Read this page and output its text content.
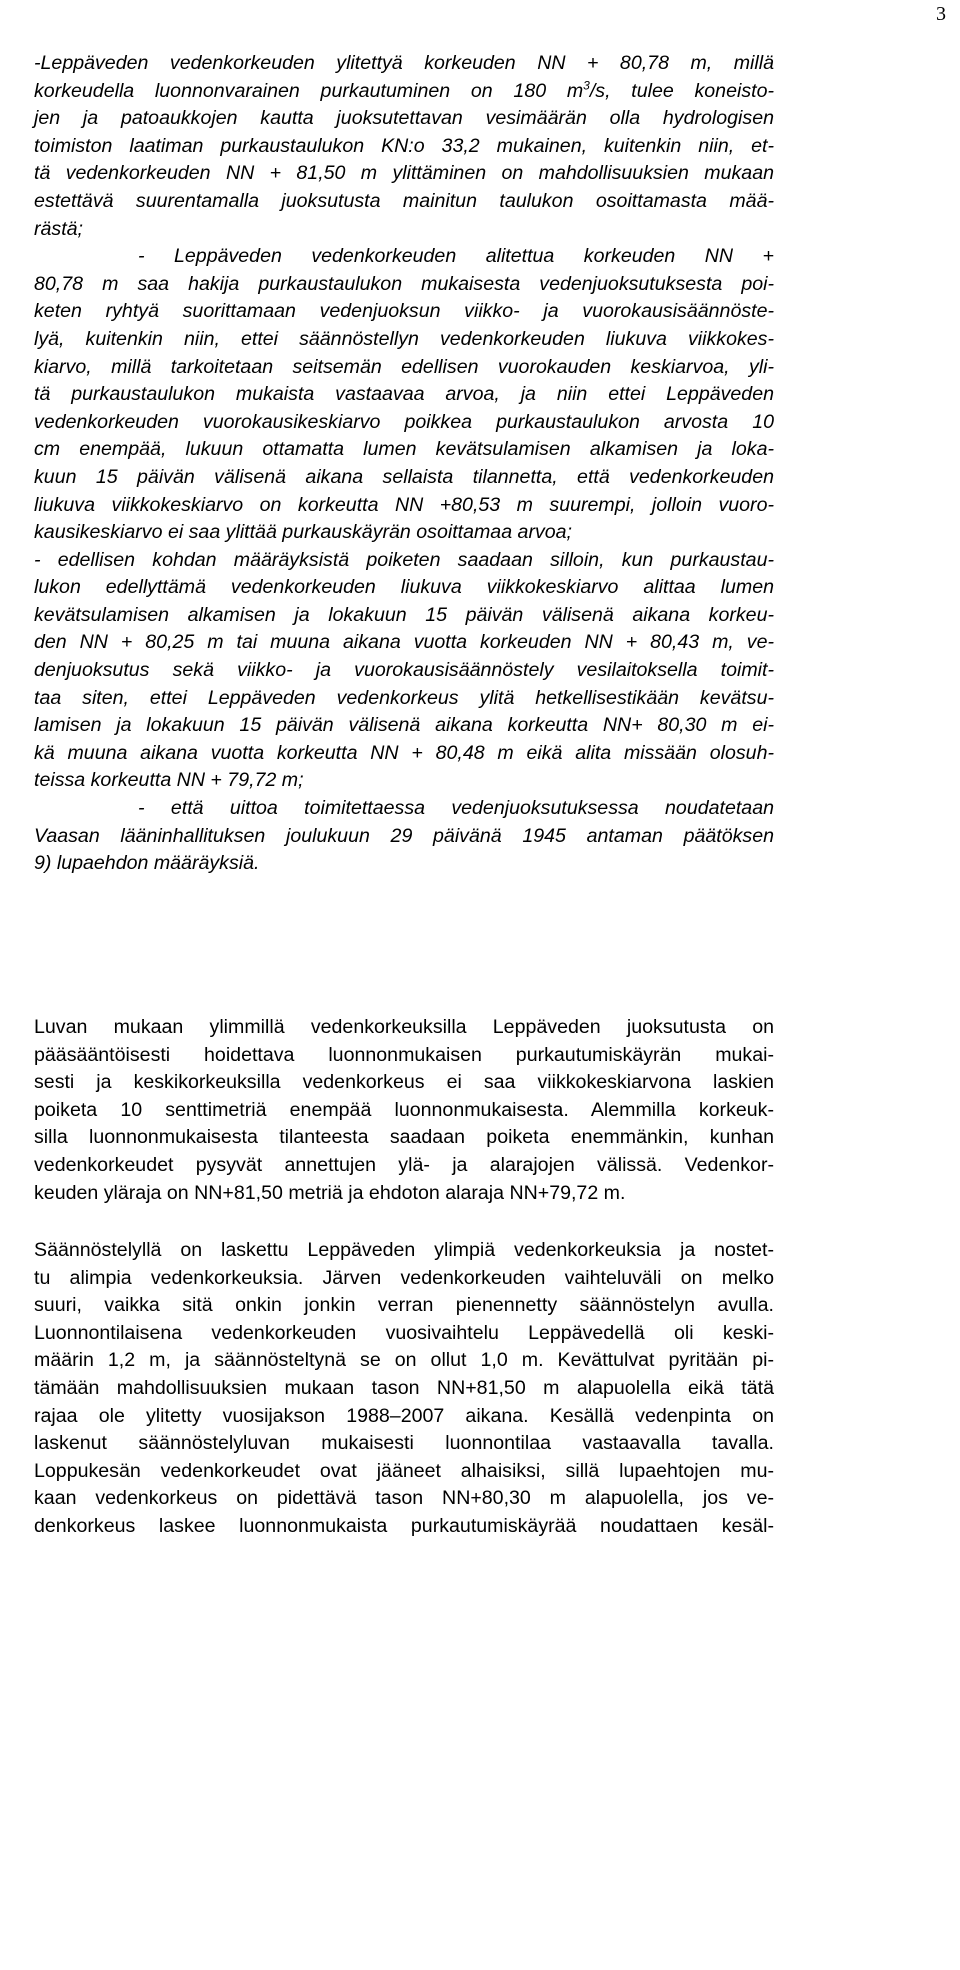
3
-Leppäveden vedenkorkeuden ylitettyä korkeuden NN + 80,78 m, millä
korkeudella luonnonvarainen purkautuminen on 180 $m^3/s$, tulee koneisto-
jen ja patoaukkojen kautta juoksutettavan vesimäärän olla hydrologisen
toimiston laatiman purkaustaulukon KN:o 33,2 mukainen, kuitenkin niin, et-
tä vedenkorkeuden NN + 81,50 m ylittäminen on mahdollisuuksien mukaan
estettävä suurentamalla juoksutusta mainitun taulukon osoittamasta mää-
rästä;
- Leppäveden vedenkorkeuden alitettua korkeuden NN +
80,78 m saa hakija purkaustaulukon mukaisesta vedenjuoksutuksesta poi-
keten ryhtyä suorittamaan vedenjuoksun viikko- ja vuorokausisäännöste-
lyä, kuitenkin niin, ettei säännöstellyn vedenkorkeuden liukuva viikkokes-
kiarvo, millä tarkoitetaan seitsemän edellisen vuorokauden keskiarvoa, yli-
tä purkaustaulukon mukaista vastaavaa arvoa, ja niin ettei Leppäveden
vedenkorkeuden vuorokausikeskiarvo poikkea purkaustaulukon arvosta 10
cm enempää, lukuun ottamatta lumen kevätsulamisen alkamisen ja loka-
kuun 15 päivän välisenä aikana sellaista tilannetta, että vedenkorkeuden
liukuva viikkokeskiarvo on korkeutta NN +80,53 m suurempi, jolloin vuoro-
kausikeskiarvo ei saa ylittää purkauskäyrän osoittamaa arvoa;
- edellisen kohdan määräyksistä poiketen saadaan silloin, kun purkaustau-
lukon edellyttämä vedenkorkeuden liukuva viikkokeskiarvo alittaa lumen
kevätsulamisen alkamisen ja lokakuun 15 päivän välisenä aikana korkeu-
den NN + 80,25 m tai muuna aikana vuotta korkeuden NN + 80,43 m, ve-
denjuoksutus sekä viikko- ja vuorokausisäännöstely vesilaitoksella toimit-
taa siten, ettei Leppäveden vedenkorkeus ylitä hetkellisestikään kevätsu-
lamisen ja lokakuun 15 päivän välisenä aikana korkeutta NN+ 80,30 m ei-
kä muuna aikana vuotta korkeutta NN + 80,48 m eikä alita missään olosuh-
teissa korkeutta NN + 79,72 m;
- että uittoa toimitettaessa vedenjuoksutuksessa noudatetaan
Vaasan lääninhallituksen joulukuun 29 päivänä 1945 antaman päätöksen
9) lupaehdon määräyksiä.
Luvan mukaan ylimmillä vedenkorkeuksilla Leppäveden juoksutusta on
pääsääntöisesti hoidettava luonnonmukaisen purkautumiskäyrän mukai-
sesti ja keskikorkeuksilla vedenkorkeus ei saa viikkokeskiarvona laskien
poiketa 10 senttimetriä enempää luonnonmukaisesta. Alemmilla korkeuk-
silla luonnonmukaisesta tilanteesta saadaan poiketa enemmänkin, kunhan
vedenkorkeudet pysyvät annettujen ylä- ja alarajojen välissä. Vedenkor-
keuden yläraja on NN+81,50 metriä ja ehdoton alaraja NN+79,72 m.
Säännöstelyllä on laskettu Leppäveden ylimpiä vedenkorkeuksia ja nostet-
tu alimpia vedenkorkeuksia. Järven vedenkorkeuden vaihteluväli on melko
suuri, vaikka sitä onkin jonkin verran pienennetty säännöstelyn avulla.
Luonnontilaisena vedenkorkeuden vuosivaihtelu Leppävedellä oli keski-
määrin 1,2 m, ja säännösteltynä se on ollut 1,0 m. Kevättulvat pyritään pi-
tämään mahdollisuuksien mukaan tason NN+81,50 m alapuolella eikä tätä
rajaa ole ylitetty vuosijakson 1988–2007 aikana. Kesällä vedenpinta on
laskenut säännöstelyluvan mukaisesti luonnontilaa vastaavalla tavalla.
Loppukesän vedenkorkeudet ovat jääneet alhaisiksi, sillä lupaehtojen mu-
kaan vedenkorkeus on pidettävä tason NN+80,30 m alapuolella, jos ve-
denkorkeus laskee luonnonmukaista purkautumiskäyrää noudattaen kesäl-
